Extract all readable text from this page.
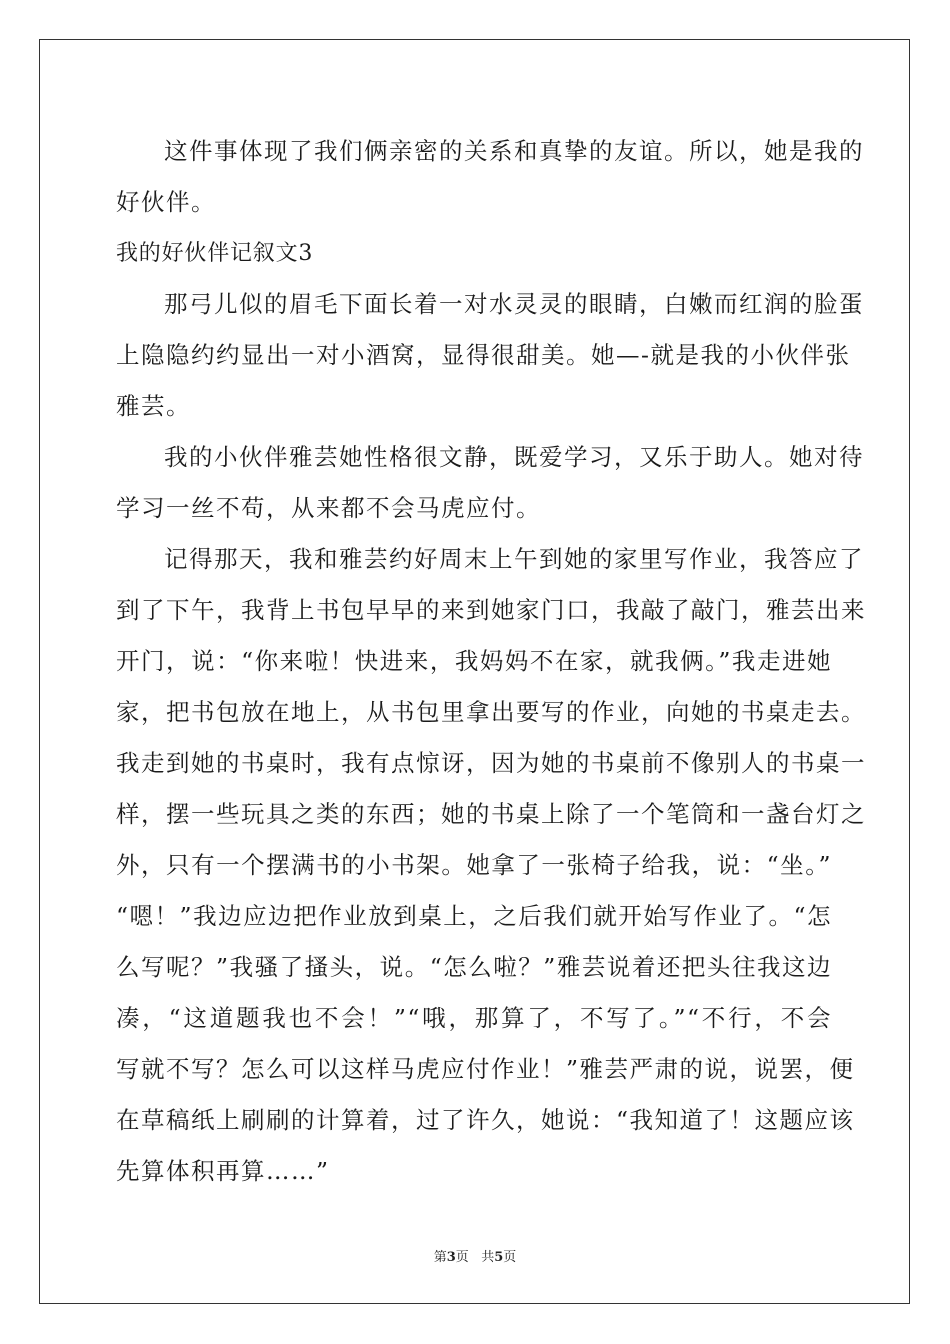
这件事体现了我们俩亲密的关系和真挚的友谊。所以，她是我的
好伙伴。
我的好伙伴记叙文3
那弓儿似的眉毛下面长着一对水灵灵的眼睛，白嫩而红润的脸蛋
上隐隐约约显出一对小酒窝，显得很甜美。她—-就是我的小伙伴张
雅芸。
我的小伙伴雅芸她性格很文静，既爱学习，又乐于助人。她对待
学习一丝不苟，从来都不会马虎应付。
记得那天，我和雅芸约好周末上午到她的家里写作业，我答应了
到了下午，我背上书包早早的来到她家门口，我敲了敲门，雅芸出来
开门，说：“你来啦！快进来，我妈妈不在家，就我俩。”我走进她
家，把书包放在地上，从书包里拿出要写的作业，向她的书桌走去。
我走到她的书桌时，我有点惊讶，因为她的书桌前不像别人的书桌一
样，摆一些玩具之类的东西；她的书桌上除了一个笔筒和一盏台灯之
外，只有一个摆满书的小书架。她拿了一张椅子给我，说：“坐。”
“嗯！”我边应边把作业放到桌上，之后我们就开始写作业了。“怎
么写呢？”我骚了搔头，说。“怎么啦？”雅芸说着还把头往我这边
凑，“这道题我也不会！”“哦，那算了，不写了。”“不行，不会
写就不写？怎么可以这样马虎应付作业！”雅芸严肃的说，说罢，便
在草稿纸上刷刷的计算着，过了许久，她说：“我知道了！这题应该
先算体积再算……”
第3页   共5页
